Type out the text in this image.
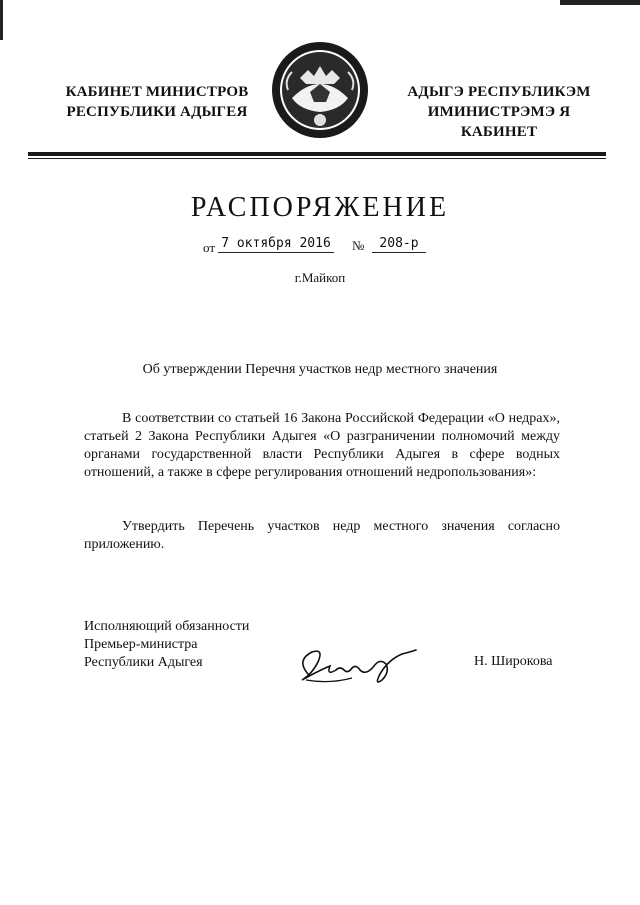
КАБИНЕТ МИНИСТРОВ
РЕСПУБЛИКИ АДЫГЕЯ
АДЫГЭ РЕСПУБЛИКЭМ
ИМИНИСТРЭМЭ Я КАБИНЕТ
РАСПОРЯЖЕНИЕ
от 7 октября 2016 №	208-р
г.Майкоп
Об утверждении Перечня участков недр местного значения
В соответствии со статьей 16 Закона Российской Федерации «О недрах», статьей 2 Закона Республики Адыгея «О разграничении полномочий между органами государственной власти Республики Адыгея в сфере водных отношений, а также в сфере регулирования отношений недропользования»:
Утвердить Перечень участков недр местного значения согласно приложению.
Исполняющий обязанности
Премьер-министра
Республики Адыгея	Н. Широкова
